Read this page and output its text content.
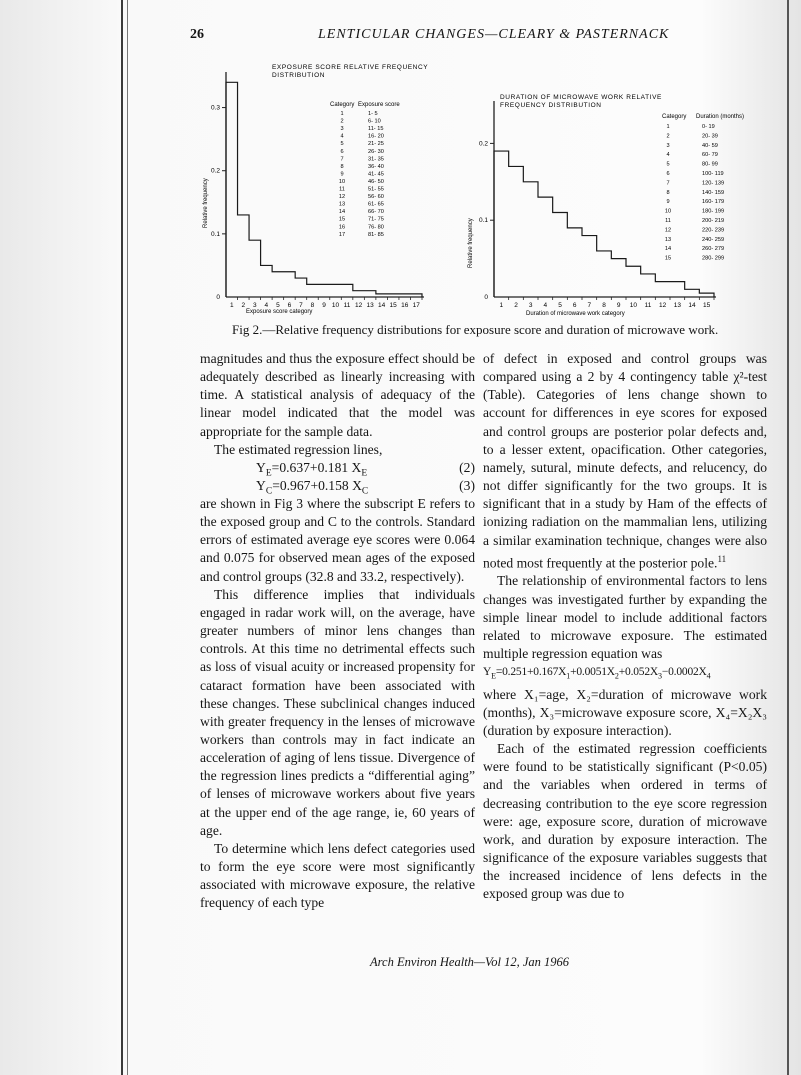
26	LENTICULAR CHANGES—CLEARY & PASTERNACK
EXPOSURE SCORE RELATIVE FREQUENCY
DISTRIBUTION
Relative frequency
Exposure score category
Category Exposure score
1	1- 5
2	6- 10
3	11- 15
4	16- 20
5	21- 25
6	26- 30
7	31- 35
8	36- 40
9	41- 45
10	46- 50
11	51- 55
12	56- 60
13	61- 65
14	66- 70
15	71- 75
16	76- 80
17	81- 85
0.1
0.2
0.3
0
1 2 3 4 5 6 7 8 9 10 11 12 13 14 15 16 17
DURATION OF MICROWAVE WORK RELATIVE
FREQUENCY DISTRIBUTION
Relative frequency
Duration of microwave work category
Category Duration (months)
1	0- 19
2	20- 39
3	40- 59
4	60- 79
5	80- 99
6	100- 119
7	120- 139
8	140- 159
9	160- 179
10	180- 199
11	200- 219
12	220- 239
13	240- 259
14	260- 279
15	280- 299
0.1
0.2
0
1 2 3 4 5 6 7 8 9 10 11 12 13 14 15
Fig 2.—Relative frequency distributions for exposure score and duration of microwave work.

magnitudes and thus the exposure effect should be adequately described as linearly increasing with time. A statistical analysis of adequacy of the linear model indicated that the model was appropriate for the sample data.

The estimated regression lines,

$Y_E=0.637+0.181$ $X_E$	(2)
$Y_C=0.967+0.158$ $X_C$	(3)

are shown in Fig 3 where the subscript E refers to the exposed group and C to the controls. Standard errors of estimated average eye scores were 0.064 and 0.075 for observed mean ages of the exposed and control groups (32.8 and 33.2, respectively).

This difference implies that individuals engaged in radar work will, on the average, have greater numbers of minor lens changes than controls. At this time no detrimental effects such as loss of visual acuity or increased propensity for cataract formation have been associated with these changes. These subclinical changes induced with greater frequency in the lenses of microwave workers than controls may in fact indicate an acceleration of aging of lens tissue. Divergence of the regression lines predicts a “differential aging” of lenses of microwave workers about five years at the upper end of the age range, ie, 60 years of age.

To determine which lens defect categories used to form the eye score were most significantly associated with microwave exposure, the relative frequency of each type

of defect in exposed and control groups was compared using a 2 by 4 contingency table χ²-test (Table). Categories of lens change shown to account for differences in eye scores for exposed and control groups are posterior polar defects and, to a lesser extent, opacification. Other categories, namely, sutural, minute defects, and relucency, do not differ significantly for the two groups. It is significant that in a study by Ham of the effects of ionizing radiation on the mammalian lens, utilizing a similar examination technique, changes were also noted most frequently at the posterior pole.$^{11}$

The relationship of environmental factors to lens changes was investigated further by expanding the simple linear model to include additional factors related to microwave exposure. The estimated multiple regression equation was

$Y_E=0.251+0.167X_1+0.0051X_2+0.052X_3-0.0002X_4$

where X₁=age, X₂=duration of microwave work (months), X₃=microwave exposure score, X₄=X₂X₃ (duration by exposure interaction).

Each of the estimated regression coefficients were found to be statistically significant (P<0.05) and the variables when ordered in terms of decreasing contribution to the eye score regression were: age, exposure score, duration of microwave work, and duration by exposure interaction. The significance of the exposure variables suggests that the increased incidence of lens defects in the exposed group was due to

Arch Environ Health—Vol 12, Jan 1966
